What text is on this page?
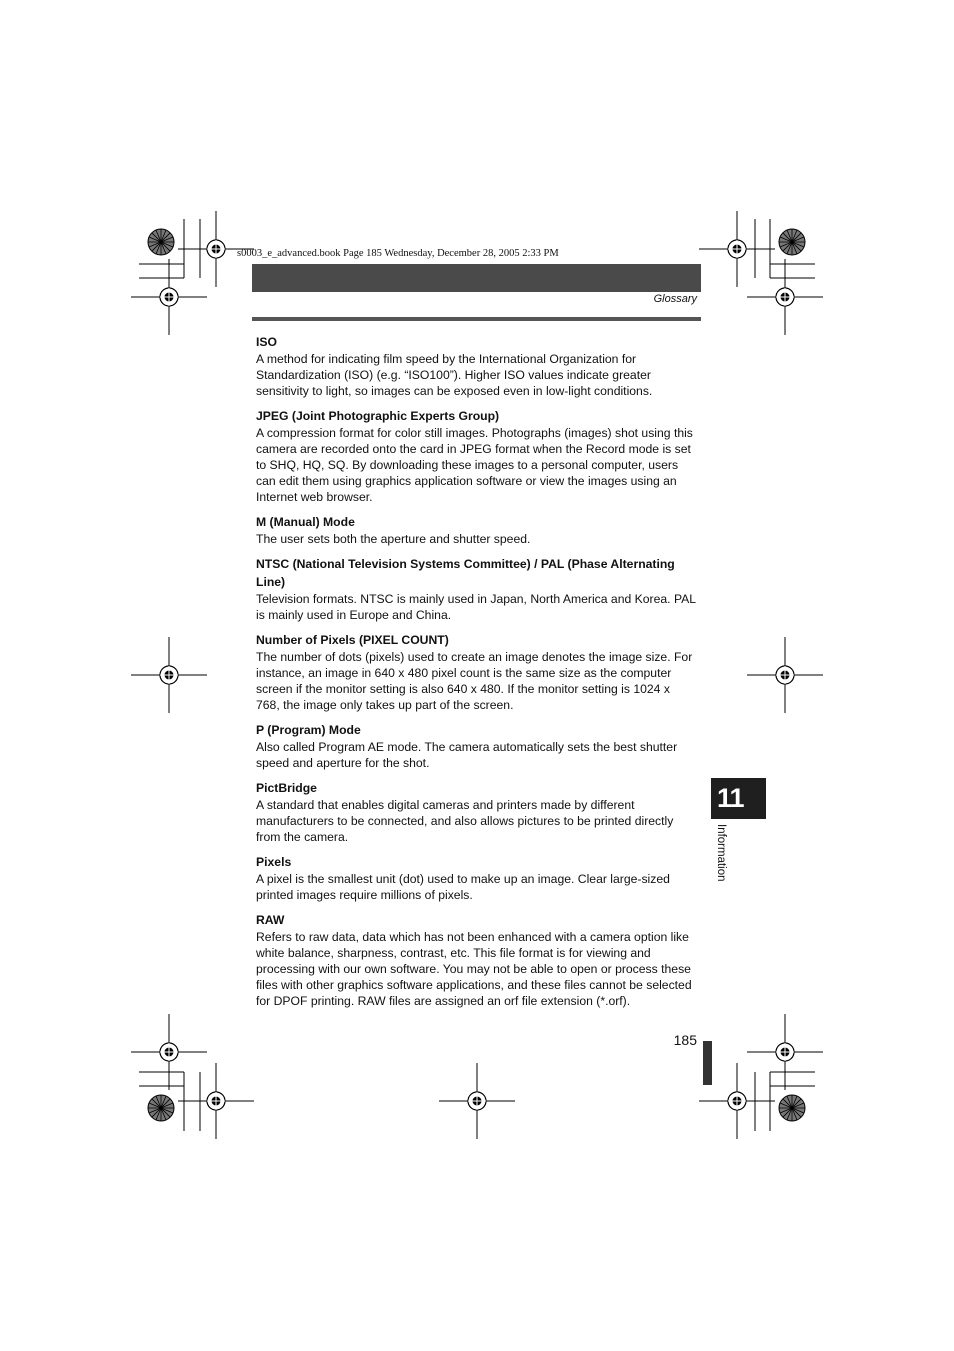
s0003_e_advanced.book Page 185 Wednesday, December 28, 2005 2:33 PM
Glossary
ISO

A method for indicating film speed by the International Organization for Standardization (ISO) (e.g. “ISO100”). Higher ISO values indicate greater sensitivity to light, so images can be exposed even in low-light conditions.

JPEG (Joint Photographic Experts Group)

A compression format for color still images. Photographs (images) shot using this camera are recorded onto the card in JPEG format when the Record mode is set to SHQ, HQ, SQ. By downloading these images to a personal computer, users can edit them using graphics application software or view the images using an Internet web browser.

M (Manual) Mode

The user sets both the aperture and shutter speed.

NTSC (National Television Systems Committee) / PAL (Phase Alternating Line)

Television formats. NTSC is mainly used in Japan, North America and Korea. PAL is mainly used in Europe and China.

Number of Pixels (PIXEL COUNT)

The number of dots (pixels) used to create an image denotes the image size. For instance, an image in 640 x 480 pixel count is the same size as the computer screen if the monitor setting is also 640 x 480. If the monitor setting is 1024 x 768, the image only takes up part of the screen.

P (Program) Mode

Also called Program AE mode. The camera automatically sets the best shutter speed and aperture for the shot.

PictBridge

A standard that enables digital cameras and printers made by different manufacturers to be connected, and also allows pictures to be printed directly from the camera.

Pixels

A pixel is the smallest unit (dot) used to make up an image. Clear large-sized printed images require millions of pixels.

RAW

Refers to raw data, data which has not been enhanced with a camera option like white balance, sharpness, contrast, etc. This file format is for viewing and processing with our own software. You may not be able to open or process these files with other graphics software applications, and these files cannot be selected for DPOF printing. RAW files are assigned an orf file extension (*.orf).

11
Information
185
